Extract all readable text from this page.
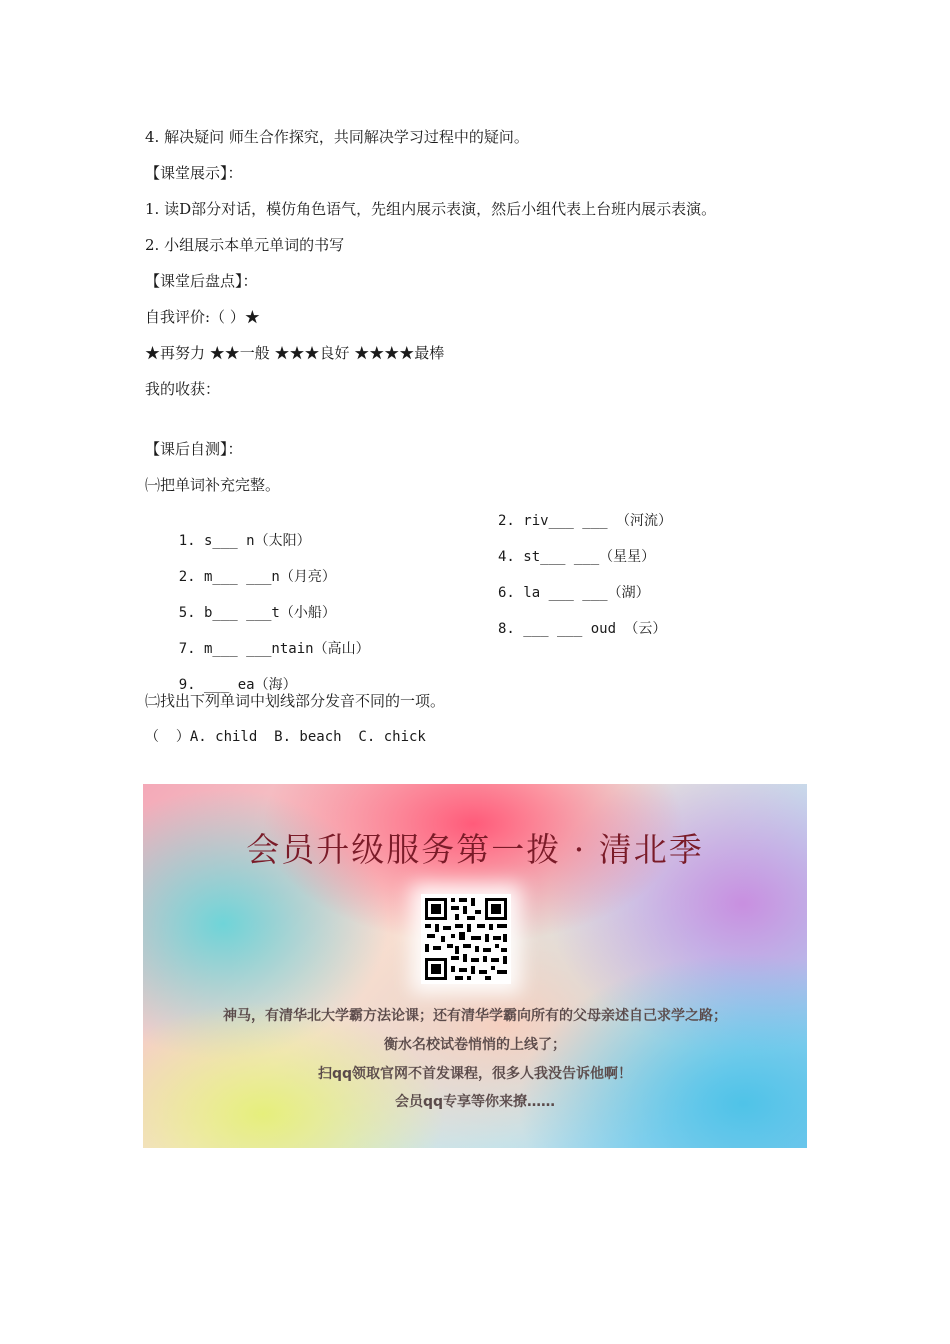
4. 解决疑问 师生合作探究，共同解决学习过程中的疑问。
【课堂展示】：
1. 读D部分对话，模仿角色语气，先组内展示表演，然后小组代表上台班内展示表演。
2. 小组展示本单元单词的书写
【课堂后盘点】：
自我评价:（ ）★
★再努力 ★★一般 ★★★良好 ★★★★最棒
我的收获：
【课后自测】：
㈠把单词补充完整。

1. s___ n（太阳）

2. riv___ ___ （河流）

2. m___ ___n（月亮）

4. st___ ___（星星）

5. b___ ___t（小船）

6. la ___ ___（湖）

7. m___ ___ntain（高山）

8. ___ ___ oud （云）

9. ___ ea（海）

㈡找出下列单词中划线部分发音不同的一项。
（  ）A. child  B. beach  C. chick
会员升级服务第一拨 · 清北季
神马，有清华北大学霸方法论课；还有清华学霸向所有的父母亲述自己求学之路；
衡水名校试卷悄悄的上线了；
扫qq领取官网不首发课程，很多人我没告诉他啊！
会员qq专享等你来撩……
